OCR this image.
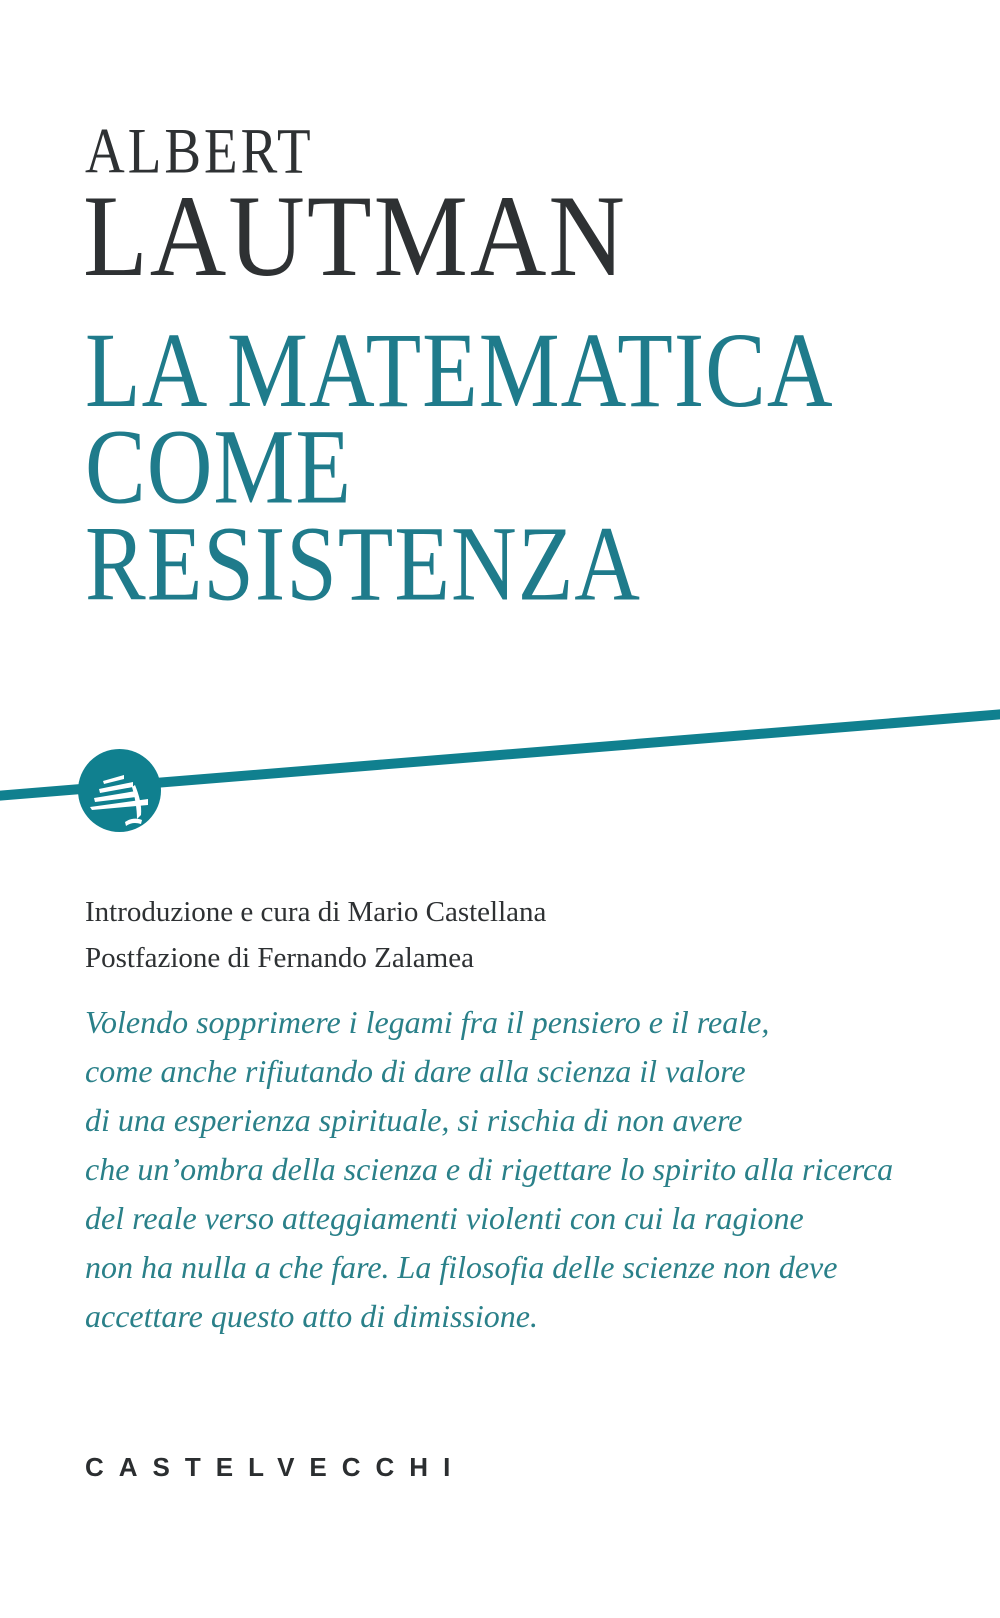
ALBERT
LAUTMAN
LA MATEMATICA
COME
RESISTENZA
Introduzione e cura di Mario Castellana
Postfazione di Fernando Zalamea
Volendo sopprimere i legami fra il pensiero e il reale,
come anche rifiutando di dare alla scienza il valore
di una esperienza spirituale, si rischia di non avere
che un’ombra della scienza e di rigettare lo spirito alla ricerca
del reale verso atteggiamenti violenti con cui la ragione
non ha nulla a che fare. La filosofia delle scienze non deve
accettare questo atto di dimissione.
CASTELVECCHI
